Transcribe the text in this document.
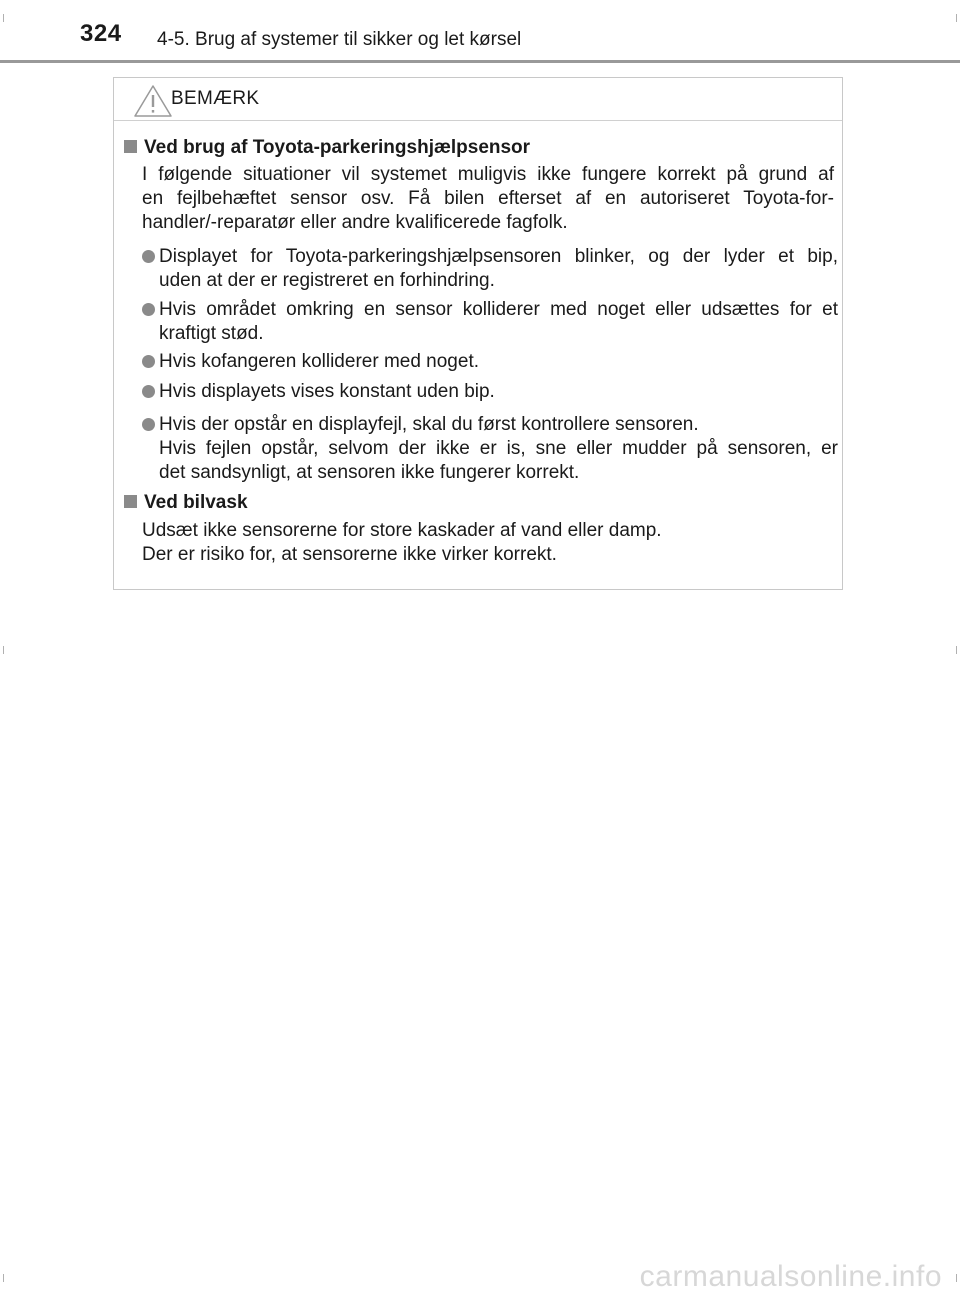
324 4-5. Brug af systemer til sikker og let kørsel
BEMÆRK
Ved brug af Toyota-parkeringshjælpsensor
I følgende situationer vil systemet muligvis ikke fungere korrekt på grund af
en fejlbehæftet sensor osv. Få bilen efterset af en autoriseret Toyota-for-
handler/-reparatør eller andre kvalificerede fagfolk.
Displayet for Toyota-parkeringshjælpsensoren blinker, og der lyder et bip,
uden at der er registreret en forhindring.
Hvis området omkring en sensor kolliderer med noget eller udsættes for et
kraftigt stød.
Hvis kofangeren kolliderer med noget.
Hvis displayets vises konstant uden bip.
Hvis der opstår en displayfejl, skal du først kontrollere sensoren.
Hvis fejlen opstår, selvom der ikke er is, sne eller mudder på sensoren, er
det sandsynligt, at sensoren ikke fungerer korrekt.
Ved bilvask
Udsæt ikke sensorerne for store kaskader af vand eller damp.
Der er risiko for, at sensorerne ikke virker korrekt.
carmanualsonline.info
